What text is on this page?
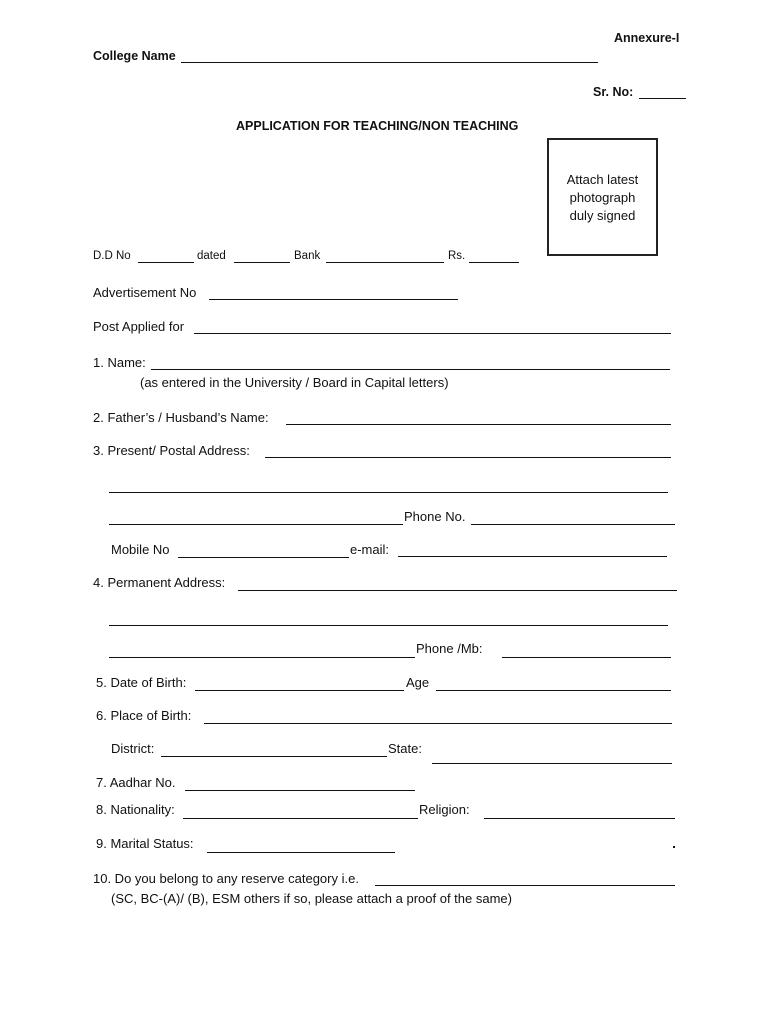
Annexure-I
College Name
Sr. No:
APPLICATION FOR TEACHING/NON TEACHING
Attach latest
photograph
duly signed
D.D No	dated	Bank	Rs.
Advertisement No
Post Applied for
1. Name:
(as entered in the University / Board in Capital letters)
2. Father’s / Husband’s Name:
3. Present/ Postal Address:
Phone No.
Mobile No	e-mail:
4. Permanent Address:
Phone /Mb:
5. Date of Birth:	Age
6. Place of Birth:
District:	State:
7. Aadhar No.
8. Nationality:	Religion:
9. Marital Status:
10. Do you belong to any reserve category i.e.
(SC, BC-(A)/ (B), ESM others if so, please attach a proof of the same)
